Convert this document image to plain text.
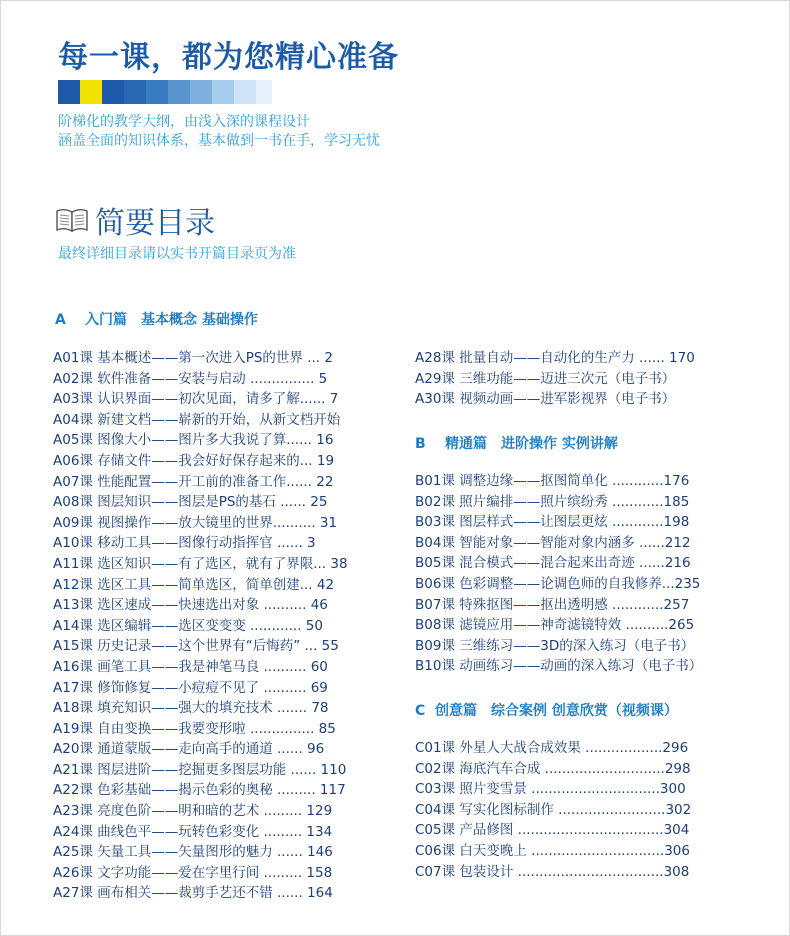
每一课，都为您精心准备
阶梯化的教学大纲，由浅入深的课程设计
涵盖全面的知识体系，基本做到一书在手，学习无忧
简要目录
最终详细目录请以实书开篇目录页为准
A 入门篇 基本概念 基础操作
A01课 基本概述——第一次进入PS的世界 ... 2
A02课 软件准备——安装与启动 ............... 5
A03课 认识界面——初次见面，请多了解...... 7
A04课 新建文档——崭新的开始，从新文档开始
A05课 图像大小——图片多大我说了算...... 16
A06课 存储文件——我会好好保存起来的... 19
A07课 性能配置——开工前的准备工作...... 22
A08课 图层知识——图层是PS的基石 ...... 25
A09课 视图操作——放大镜里的世界.......... 31
A10课 移动工具——图像行动指挥官 ...... 3
A11课 选区知识——有了选区，就有了界限... 38
A12课 选区工具——简单选区，简单创建... 42
A13课 选区速成——快速选出对象 .......... 46
A14课 选区编辑——选区变变变 ............ 50
A15课 历史记录——这个世界有“后悔药” ... 55
A16课 画笔工具——我是神笔马良 .......... 60
A17课 修饰修复——小痘痘不见了 .......... 69
A18课 填充知识——强大的填充技术 ....... 78
A19课 自由变换——我要变形啦 ............... 85
A20课 通道蒙版——走向高手的通道 ...... 96
A21课 图层进阶——挖掘更多图层功能 ...... 110
A22课 色彩基础——揭示色彩的奥秘 ......... 117
A23课 亮度色阶——明和暗的艺术 ......... 129
A24课 曲线色平——玩转色彩变化 ......... 134
A25课 矢量工具——矢量图形的魅力 ...... 146
A26课 文字功能——爱在字里行间 ......... 158
A27课 画布相关——裁剪手艺还不错 ...... 164
A28课 批量自动——自动化的生产力 ...... 170
A29课 三维功能——迈进三次元（电子书）
A30课 视频动画——进军影视界（电子书）
B 精通篇 进阶操作 实例讲解
B01课 调整边缘——抠图简单化 ............176
B02课 照片编排——照片缤纷秀 ............185
B03课 图层样式——让图层更炫 ............198
B04课 智能对象——智能对象内涵多 ......212
B05课 混合模式——混合起来出奇迹 ......216
B06课 色彩调整——论调色师的自我修养...235
B07课 特殊抠图——抠出透明感 ............257
B08课 滤镜应用——神奇滤镜特效 ..........265
B09课 三维练习——3D的深入练习（电子书）
B10课 动画练习——动画的深入练习（电子书）
C 创意篇 综合案例 创意欣赏（视频课）
C01课 外星人大战合成效果 ..................296
C02课 海底汽车合成 ............................298
C03课 照片变雪景 ..............................300
C04课 写实化图标制作 .........................302
C05课 产品修图 ..................................304
C06课 白天变晚上 ...............................306
C07课 包装设计 ..................................308
